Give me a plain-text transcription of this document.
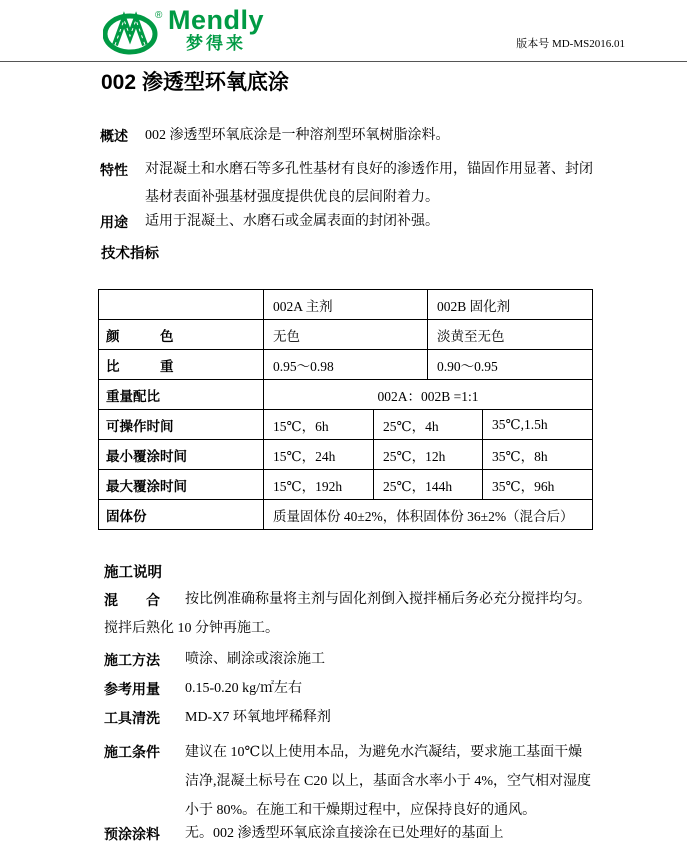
® Mendly
梦得来	版本号 MD-MS2016.01
002 渗透型环氧底涂
概述	002 渗透型环氧底涂是一种溶剂型环氧树脂涂料。
特性	对混凝土和水磨石等多孔性基材有良好的渗透作用，锚固作用显著、封闭
基材表面补强基材强度提供优良的层间附着力。
用途	适用于混凝土、水磨石或金属表面的封闭补强。
技术指标
	002A 主剂		002B 固化剂	
颜　　　色	无色		淡黄至无色	
比　　　重	0.95～0.98		0.90～0.95	
重量配比	002A：002B =1:1			
可操作时间	15℃，6h	25℃，4h		35℃,1.5h
最小覆涂时间	15℃，24h	25℃，12h		35℃，8h
最大覆涂时间	15℃，192h	25℃，144h		35℃，96h
固体份	质量固体份 40±2%，体积固体份 36±2%（混合后）			
施工说明
混　　合	按比例准确称量将主剂与固化剂倒入搅拌桶后务必充分搅拌均匀。
搅拌后熟化 10 分钟再施工。
施工方法	喷涂、刷涂或滚涂施工
参考用量	0.15-0.20 kg/㎡左右
工具清洗	MD-X7 环氧地坪稀释剂
施工条件	建议在 10℃以上使用本品，为避免水汽凝结，要求施工基面干燥
洁净,混凝土标号在 C20 以上，基面含水率小于 4%，空气相对湿度
小于 80%。在施工和干燥期过程中，应保持良好的通风。
预涂涂料	无。002 渗透型环氧底涂直接涂在已处理好的基面上
